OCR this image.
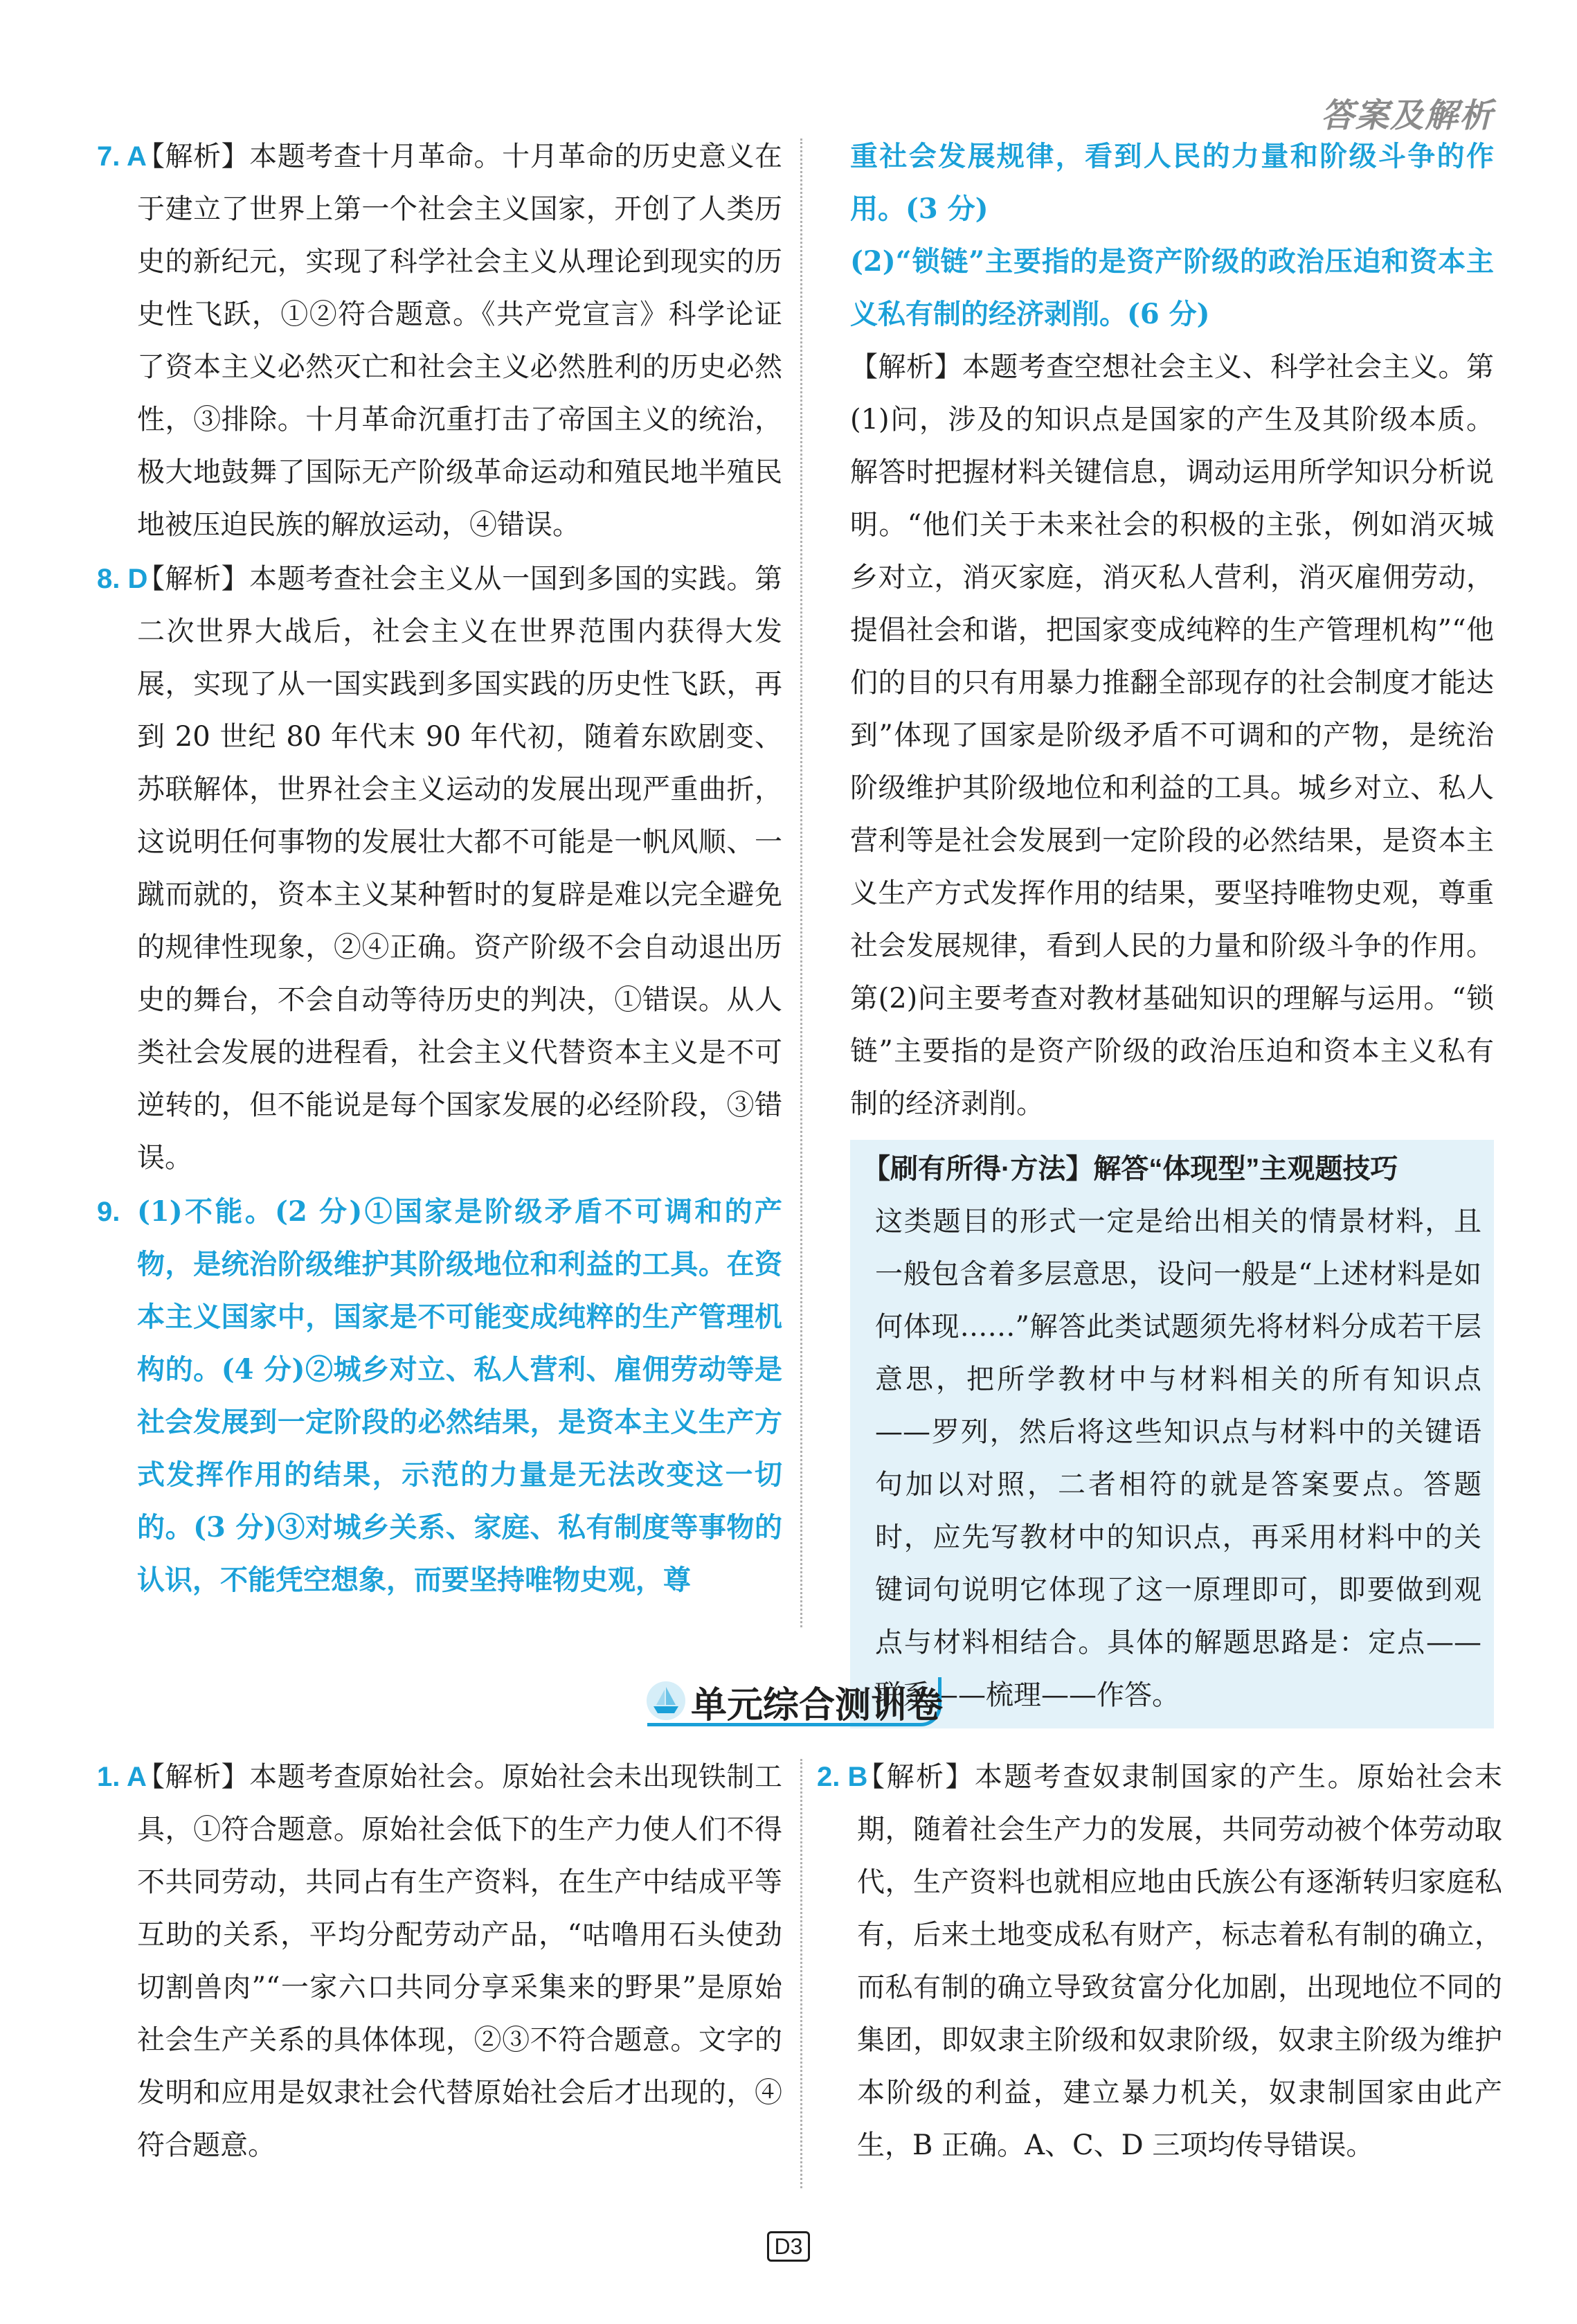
答案及解析
7. A
【解析】本题考查十月革命。十月革命的历史意义在于建立了世界上第一个社会主义国家，开创了人类历史的新纪元，实现了科学社会主义从理论到现实的历史性飞跃，①②符合题意。《共产党宣言》科学论证了资本主义必然灭亡和社会主义必然胜利的历史必然性，③排除。十月革命沉重打击了帝国主义的统治，极大地鼓舞了国际无产阶级革命运动和殖民地半殖民地被压迫民族的解放运动，④错误。
8. D
【解析】本题考查社会主义从一国到多国的实践。第二次世界大战后，社会主义在世界范围内获得大发展，实现了从一国实践到多国实践的历史性飞跃，再到 20 世纪 80 年代末 90 年代初，随着东欧剧变、苏联解体，世界社会主义运动的发展出现严重曲折，这说明任何事物的发展壮大都不可能是一帆风顺、一蹴而就的，资本主义某种暂时的复辟是难以完全避免的规律性现象，②④正确。资产阶级不会自动退出历史的舞台，不会自动等待历史的判决，①错误。从人类社会发展的进程看，社会主义代替资本主义是不可逆转的，但不能说是每个国家发展的必经阶段，③错误。
9. (1)不能。(2 分)①国家是阶级矛盾不可调和的产物，是统治阶级维护其阶级地位和利益的工具。在资本主义国家中，国家是不可能变成纯粹的生产管理机构的。(4 分)②城乡对立、私人营利、雇佣劳动等是社会发展到一定阶段的必然结果，是资本主义生产方式发挥作用的结果，示范的力量是无法改变这一切的。(3 分)③对城乡关系、家庭、私有制度等事物的认识，不能凭空想象，而要坚持唯物史观，尊

重社会发展规律，看到人民的力量和阶级斗争的作用。(3 分)

(2)“锁链”主要指的是资产阶级的政治压迫和资本主义私有制的经济剥削。(6 分)

【解析】本题考查空想社会主义、科学社会主义。第(1)问，涉及的知识点是国家的产生及其阶级本质。解答时把握材料关键信息，调动运用所学知识分析说明。“他们关于未来社会的积极的主张，例如消灭城乡对立，消灭家庭，消灭私人营利，消灭雇佣劳动，提倡社会和谐，把国家变成纯粹的生产管理机构”“他们的目的只有用暴力推翻全部现存的社会制度才能达到”体现了国家是阶级矛盾不可调和的产物，是统治阶级维护其阶级地位和利益的工具。城乡对立、私人营利等是社会发展到一定阶段的必然结果，是资本主义生产方式发挥作用的结果，要坚持唯物史观，尊重社会发展规律，看到人民的力量和阶级斗争的作用。第(2)问主要考查对教材基础知识的理解与运用。“锁链”主要指的是资产阶级的政治压迫和资本主义私有制的经济剥削。

【刷有所得·方法】解答“体现型”主观题技巧
这类题目的形式一定是给出相关的情景材料，且一般包含着多层意思，设问一般是“上述材料是如何体现……”解答此类试题须先将材料分成若干层意思，把所学教材中与材料相关的所有知识点——罗列，然后将这些知识点与材料中的关键语句加以对照，二者相符的就是答案要点。答题时，应先写教材中的知识点，再采用材料中的关键词句说明它体现了这一原理即可，即要做到观点与材料相结合。具体的解题思路是：定点——联系——梳理——作答。
单元综合测训卷
1. A
【解析】本题考查原始社会。原始社会未出现铁制工具，①符合题意。原始社会低下的生产力使人们不得不共同劳动，共同占有生产资料，在生产中结成平等互助的关系，平均分配劳动产品，“咕噜用石头使劲切割兽肉”“一家六口共同分享采集来的野果”是原始社会生产关系的具体体现，②③不符合题意。文字的发明和应用是奴隶社会代替原始社会后才出现的，④符合题意。
2. B
【解析】本题考查奴隶制国家的产生。原始社会末期，随着社会生产力的发展，共同劳动被个体劳动取代，生产资料也就相应地由氏族公有逐渐转归家庭私有，后来土地变成私有财产，标志着私有制的确立，而私有制的确立导致贫富分化加剧，出现地位不同的集团，即奴隶主阶级和奴隶阶级，奴隶主阶级为维护本阶级的利益，建立暴力机关，奴隶制国家由此产生，B 正确。A、C、D 三项均传导错误。
D3
